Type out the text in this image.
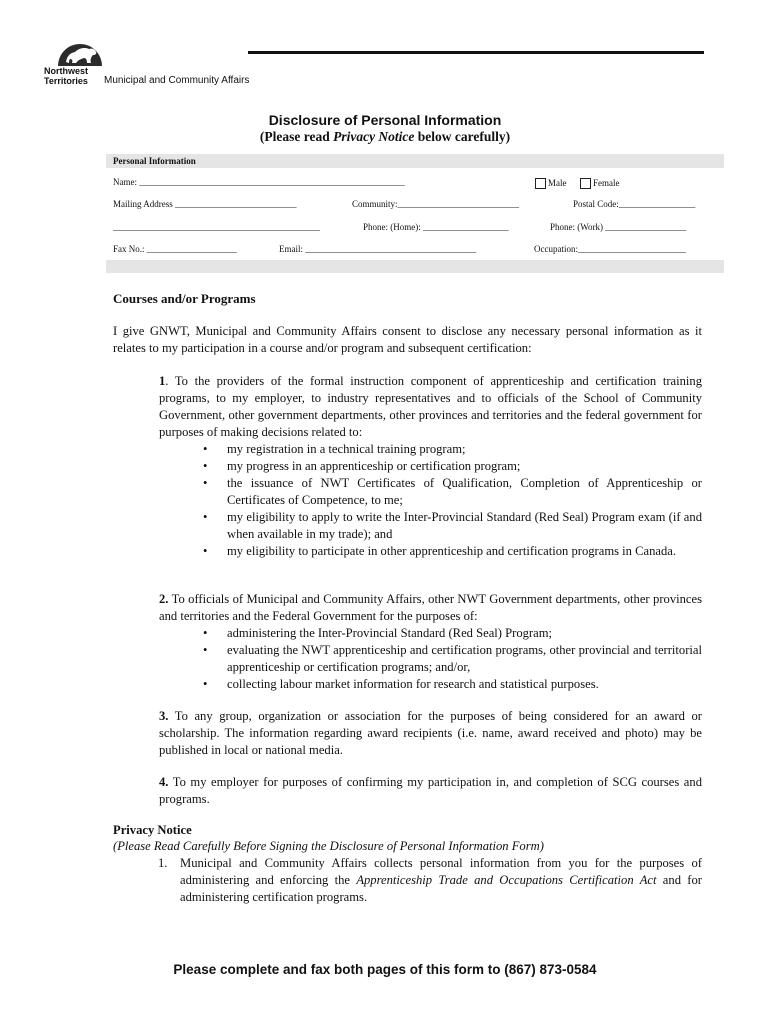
Northwest
Territories Municipal and Community Affairs
Disclosure of Personal Information
(Please read Privacy Notice below carefully)
Personal Information
Name: ___________________________________________________________	Male	Female
Mailing Address ___________________________	Community:___________________________	Postal Code:_________________
______________________________________________	Phone: (Home): ___________________	Phone: (Work) __________________
Fax No.: ____________________	Email: ______________________________________	Occupation:________________________
Courses and/or Programs
I give GNWT, Municipal and Community Affairs consent to disclose any necessary personal information as it relates to my participation in a course and/or program and subsequent certification:
1. To the providers of the formal instruction component of apprenticeship and certification training programs, to my employer, to industry representatives and to officials of the School of Community Government, other government departments, other provinces and territories and the federal government for purposes of making decisions related to:
• my registration in a technical training program;
• my progress in an apprenticeship or certification program;
• the issuance of NWT Certificates of Qualification, Completion of Apprenticeship or Certificates of Competence, to me;
• my eligibility to apply to write the Inter-Provincial Standard (Red Seal) Program exam (if and when available in my trade); and
• my eligibility to participate in other apprenticeship and certification programs in Canada.
2. To officials of Municipal and Community Affairs, other NWT Government departments, other provinces and territories and the Federal Government for the purposes of:
• administering the Inter-Provincial Standard (Red Seal) Program;
• evaluating the NWT apprenticeship and certification programs, other provincial and territorial apprenticeship or certification programs; and/or,
• collecting labour market information for research and statistical purposes.
3. To any group, organization or association for the purposes of being considered for an award or scholarship. The information regarding award recipients (i.e. name, award received and photo) may be published in local or national media.
4. To my employer for purposes of confirming my participation in, and completion of SCG courses and programs.
Privacy Notice
(Please Read Carefully Before Signing the Disclosure of Personal Information Form)
1. Municipal and Community Affairs collects personal information from you for the purposes of administering and enforcing the Apprenticeship Trade and Occupations Certification Act and for administering certification programs.
Please complete and fax both pages of this form to (867) 873-0584
